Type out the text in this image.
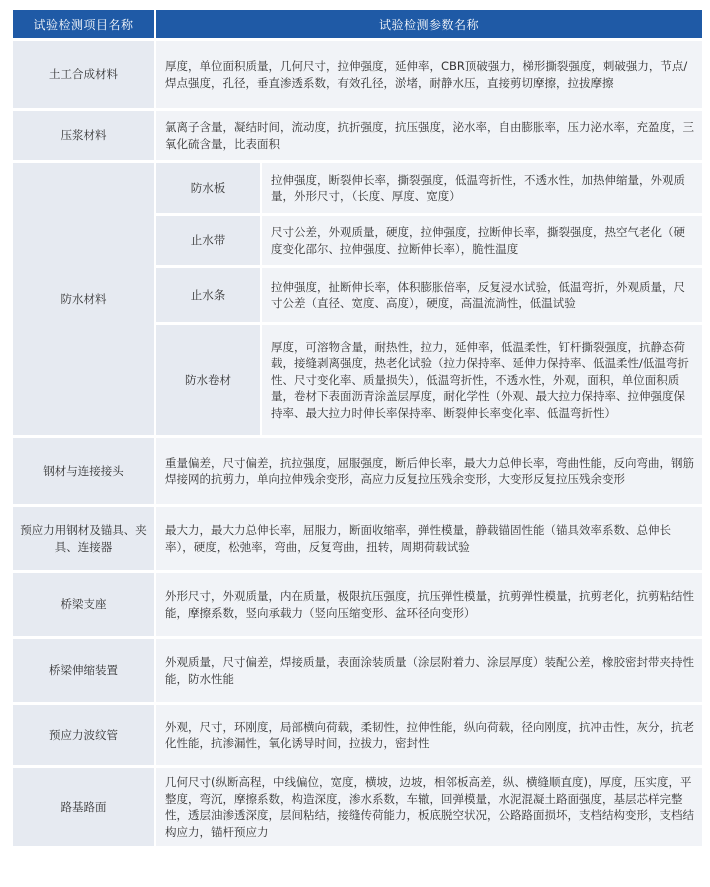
试验检测项目名称	试验检测参数名称	
土工合成材料	厚度，单位面积质量，几何尺寸，拉伸强度，延伸率，CBR顶破强力，梯形撕裂强度，刺破强力，节点/焊点强度，孔径，垂直渗透系数，有效孔径，淤堵，耐静水压，直接剪切摩擦，拉拔摩擦	
压浆材料	氯离子含量，凝结时间，流动度，抗折强度，抗压强度，泌水率，自由膨胀率，压力泌水率，充盈度，三氧化硫含量，比表面积	
防水材料	防水板	拉伸强度，断裂伸长率，撕裂强度，低温弯折性，不透水性，加热伸缩量，外观质量，外形尺寸，（长度、厚度、宽度）
	止水带	尺寸公差，外观质量，硬度，拉伸强度，拉断伸长率，撕裂强度，热空气老化（硬度变化邵尔、拉伸强度、拉断伸长率），脆性温度
	止水条	拉伸强度，扯断伸长率，体积膨胀倍率，反复浸水试验，低温弯折，外观质量，尺寸公差（直径、宽度、高度），硬度，高温流淌性，低温试验
	防水卷材	厚度，可溶物含量，耐热性，拉力，延伸率，低温柔性，钉杆撕裂强度，抗静态荷载，接缝剥离强度，热老化试验（拉力保持率、延伸力保持率、低温柔性/低温弯折性、尺寸变化率、质量损失），低温弯折性，不透水性，外观，面积，单位面积质量，卷材下表面沥青涂盖层厚度，耐化学性（外观、最大拉力保持率、拉伸强度保持率、最大拉力时伸长率保持率、断裂伸长率变化率、低温弯折性）
钢材与连接接头	重量偏差，尺寸偏差，抗拉强度，屈服强度，断后伸长率，最大力总伸长率，弯曲性能，反向弯曲，钢筋焊接网的抗剪力，单向拉伸残余变形，高应力反复拉压残余变形，大变形反复拉压残余变形	
预应力用钢材及锚具、夹具、连接器	最大力，最大力总伸长率，屈服力，断面收缩率，弹性模量，静载锚固性能（锚具效率系数、总伸长率），硬度，松弛率，弯曲，反复弯曲，扭转，周期荷载试验	
桥梁支座	外形尺寸，外观质量，内在质量，极限抗压强度，抗压弹性模量，抗剪弹性模量，抗剪老化，抗剪粘结性能，摩擦系数，竖向承载力（竖向压缩变形、盆环径向变形）	
桥梁伸缩装置	外观质量，尺寸偏差，焊接质量，表面涂装质量（涂层附着力、涂层厚度）装配公差，橡胶密封带夹持性能，防水性能	
预应力波纹管	外观，尺寸，环刚度，局部横向荷载，柔韧性，拉伸性能，纵向荷载，径向刚度，抗冲击性，灰分，抗老化性能，抗渗漏性，氧化诱导时间，拉拔力，密封性	
路基路面	几何尺寸(纵断高程，中线偏位，宽度，横坡，边坡，相邻板高差，纵、横缝顺直度)，厚度，压实度，平整度，弯沉，摩擦系数，构造深度，渗水系数，车辙，回弹模量，水泥混凝土路面强度，基层芯样完整性，透层油渗透深度，层间粘结，接缝传荷能力，板底脱空状况，公路路面损坏，支档结构变形，支档结构应力，锚杆预应力	
